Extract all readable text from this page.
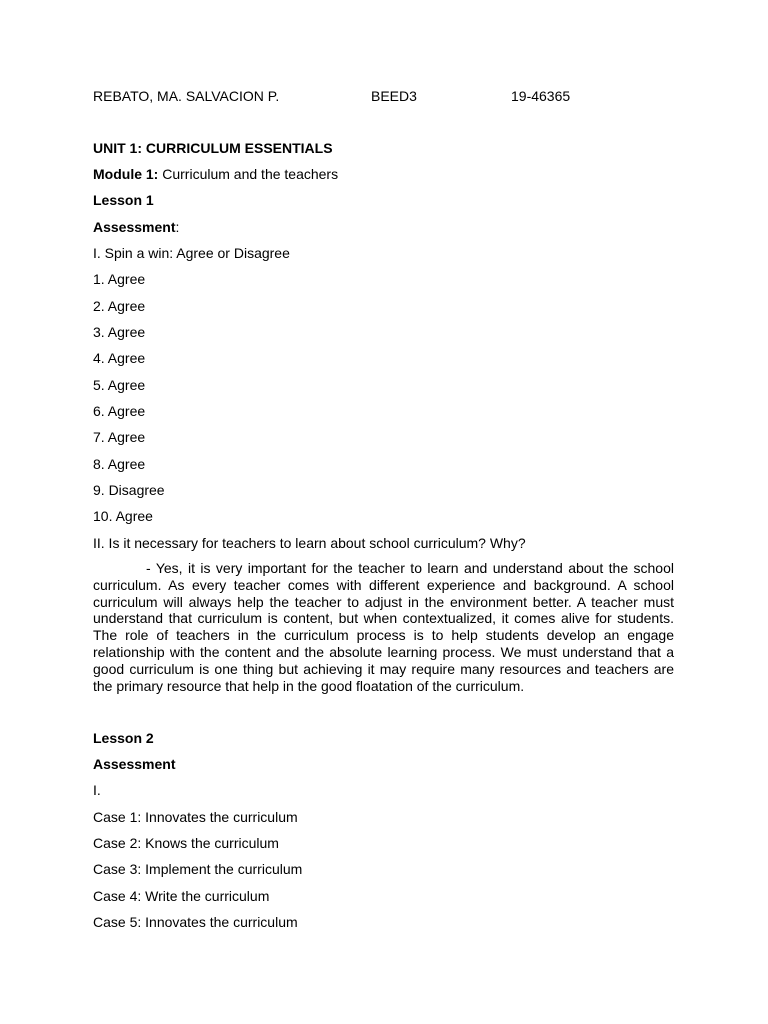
REBATO, MA. SALVACION P.	BEED3	19-46365
UNIT 1: CURRICULUM ESSENTIALS
Module 1: Curriculum and the teachers
Lesson 1
Assessment:
I. Spin a win: Agree or Disagree
1. Agree
2. Agree
3. Agree
4. Agree
5. Agree
6. Agree
7. Agree
8. Agree
9. Disagree
10. Agree
II. Is it necessary for teachers to learn about school curriculum? Why?

- Yes, it is very important for the teacher to learn and understand about the school curriculum. As every teacher comes with different experience and background. A school curriculum will always help the teacher to adjust in the environment better. A teacher must understand that curriculum is content, but when contextualized, it comes alive for students. The role of teachers in the curriculum process is to help students develop an engage relationship with the content and the absolute learning process. We must understand that a good curriculum is one thing but achieving it may require many resources and teachers are the primary resource that help in the good floatation of the curriculum.

Lesson 2
Assessment
I.
Case 1: Innovates the curriculum
Case 2: Knows the curriculum
Case 3: Implement the curriculum
Case 4: Write the curriculum
Case 5: Innovates the curriculum
